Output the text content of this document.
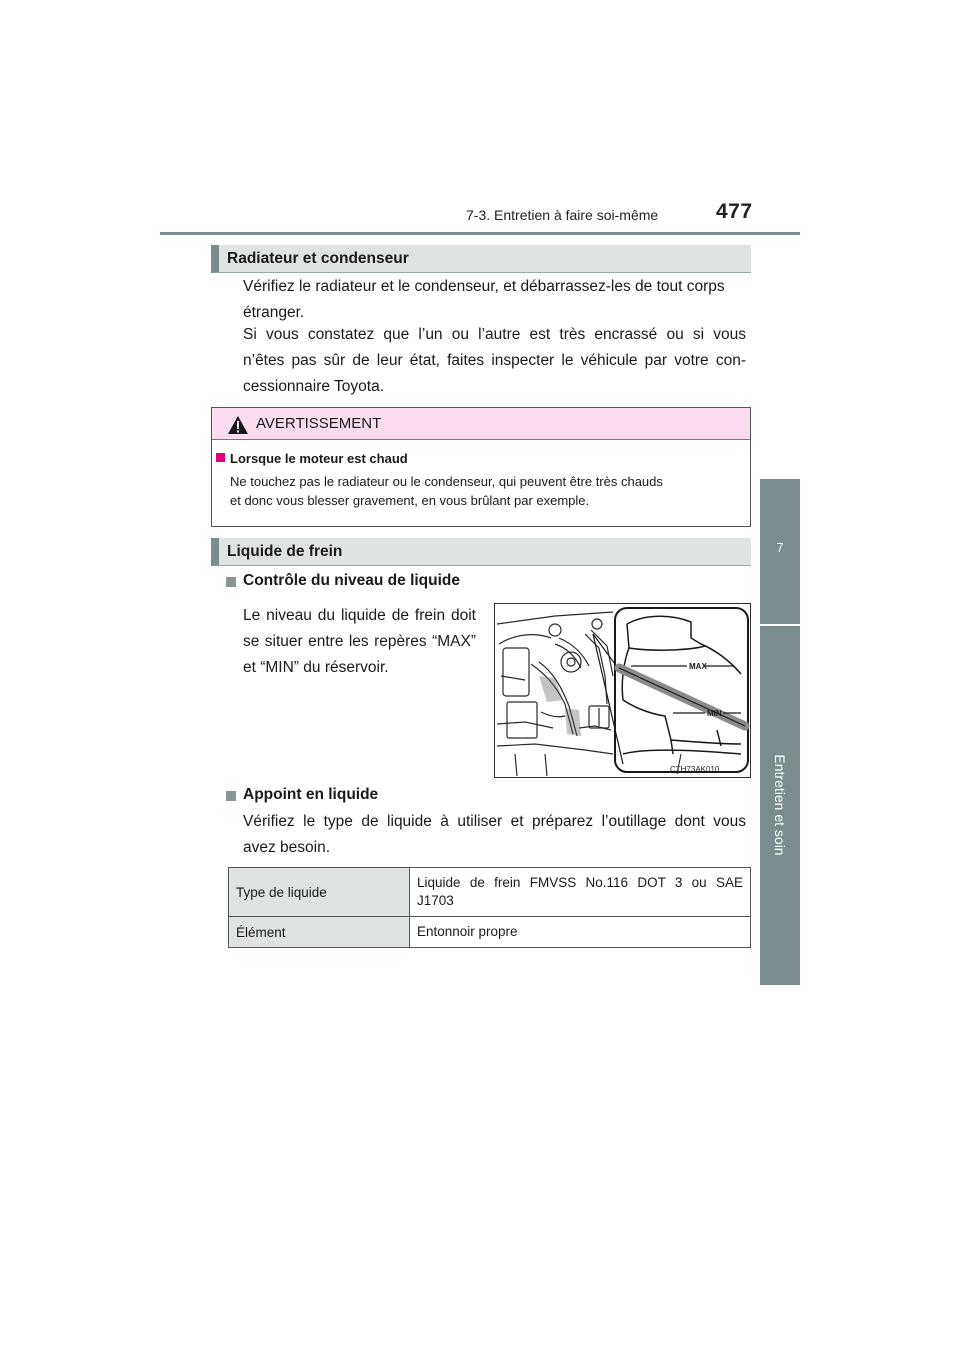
7-3. Entretien à faire soi-même	477
7
Entretien et soin
Radiateur et condenseur
Vérifiez le radiateur et le condenseur, et débarrassez-les de tout corps
étranger.
Si vous constatez que l’un ou l’autre est très encrassé ou si vous
n’êtes pas sûr de leur état, faites inspecter le véhicule par votre con-
cessionnaire Toyota.
AVERTISSEMENT
Lorsque le moteur est chaud
Ne touchez pas le radiateur ou le condenseur, qui peuvent être très chauds
et donc vous blesser gravement, en vous brûlant par exemple.
Liquide de frein
Contrôle du niveau de liquide
Le niveau du liquide de frein doit
se situer entre les repères “MAX”
et “MIN” du réservoir.	MAX
MIN
CTH73AK010
Appoint en liquide
Vérifiez le type de liquide à utiliser et préparez l’outillage dont vous
avez besoin.
Type de liquide	Liquide de frein FMVSS No.116 DOT 3 ou SAE
J1703

Élément	Entonnoir propre
